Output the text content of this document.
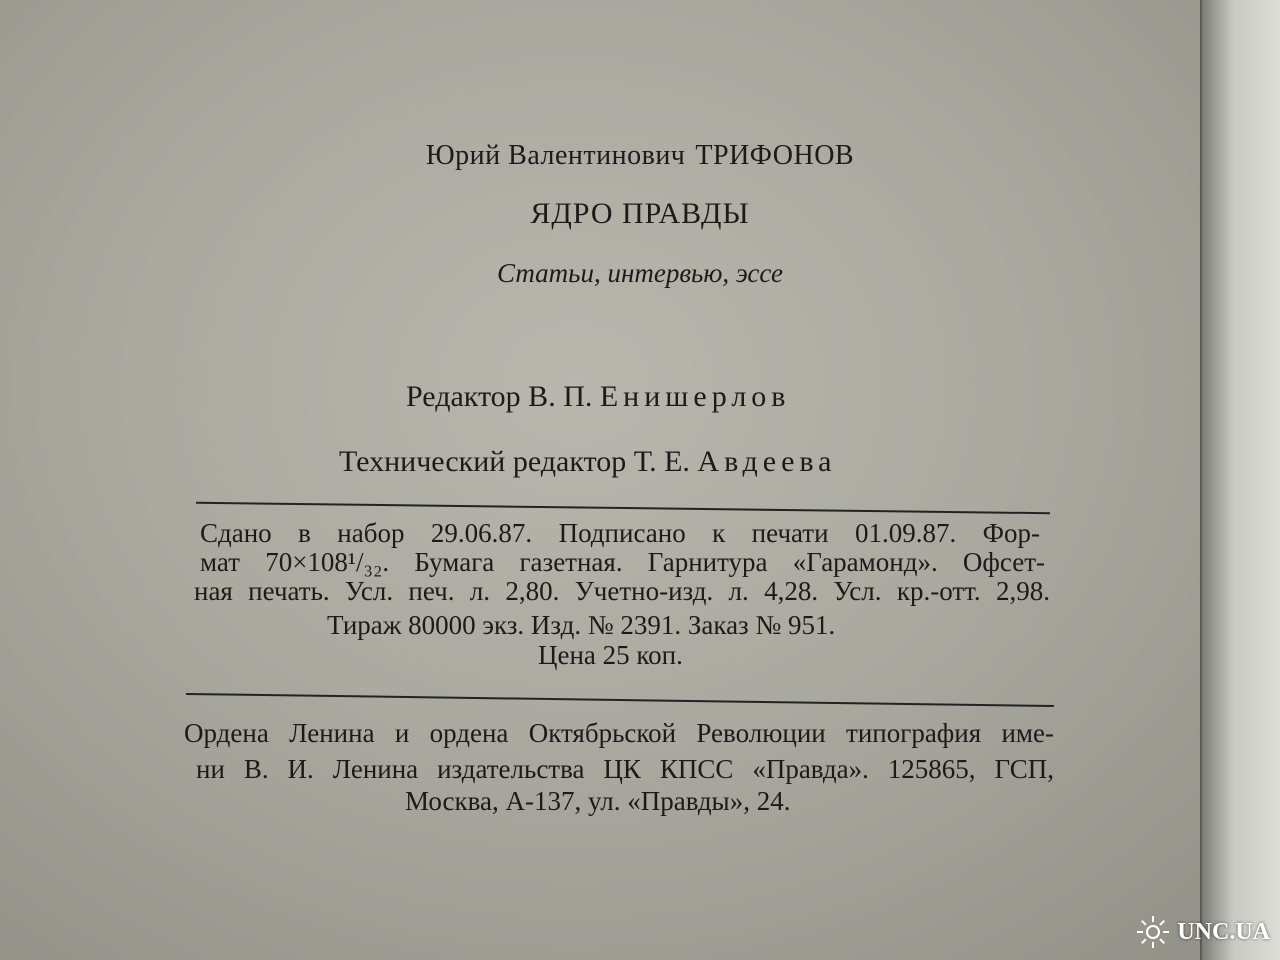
Юрий Валентинович ТРИФОНОВ
ЯДРО ПРАВДЫ
Статьи, интервью, эссе
Редактор В. П. Енишерлов
Технический редактор Т. Е. Авдеева
Сдано в набор 29.06.87. Подписано к печати 01.09.87. Фор-
мат 70×108¹/₃₂. Бумага газетная. Гарнитура «Гарамонд». Офсет-
ная печать. Усл. печ. л. 2,80. Учетно-изд. л. 4,28. Усл. кр.-отт. 2,98.
Тираж 80000 экз. Изд. № 2391. Заказ № 951.
Цена 25 коп.
Ордена Ленина и ордена Октябрьской Революции типография име-
ни В. И. Ленина издательства ЦК КПСС «Правда». 125865, ГСП,
Москва, А-137, ул. «Правды», 24.
UNC.UA
